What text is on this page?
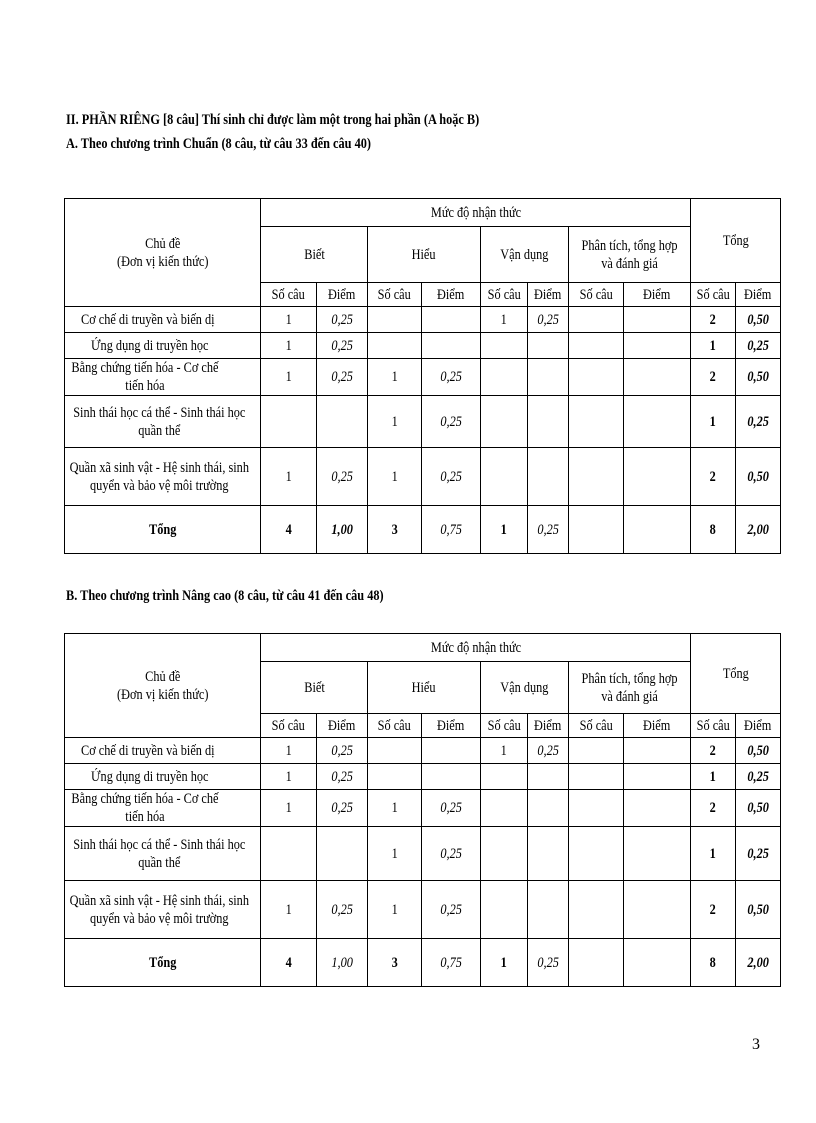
II. PHẦN RIÊNG [8 câu] Thí sinh chỉ được làm một trong hai phần (A hoặc B)
A. Theo chương trình Chuẩn (8 câu, từ câu 33 đến câu 40)
Chủ đề
(Đơn vị kiến thức)	Mức độ nhận thức								Tổng	
	Biết		Hiểu		Vận dụng		Phân tích, tổng hợp
và đánh giá			
	Số câu	Điểm	Số câu	Điểm	Số câu	Điểm	Số câu	Điểm	Số câu	Điểm
Cơ chế di truyền và biến dị	1	0,25			1	0,25			2	0,50
Ứng dụng di truyền học	1	0,25							1	0,25
Bằng chứng tiến hóa - Cơ chế tiến hóa	1	0,25	1	0,25					2	0,50
Sinh thái học cá thể - Sinh thái học quần thể			1	0,25					1	0,25
Quần xã sinh vật - Hệ sinh thái, sinh quyển và bảo vệ môi trường	1	0,25	1	0,25					2	0,50
Tổng	4	1,00	3	0,75	1	0,25			8	2,00
B. Theo chương trình Nâng cao (8 câu, từ câu 41 đến câu 48)
Chủ đề
(Đơn vị kiến thức)	Mức độ nhận thức								Tổng	
	Biết		Hiểu		Vận dụng		Phân tích, tổng hợp
và đánh giá			
	Số câu	Điểm	Số câu	Điểm	Số câu	Điểm	Số câu	Điểm	Số câu	Điểm
Cơ chế di truyền và biến dị	1	0,25			1	0,25			2	0,50
Ứng dụng di truyền học	1	0,25							1	0,25
Bằng chứng tiến hóa - Cơ chế tiến hóa	1	0,25	1	0,25					2	0,50
Sinh thái học cá thể - Sinh thái học quần thể			1	0,25					1	0,25
Quần xã sinh vật - Hệ sinh thái, sinh quyển và bảo vệ môi trường	1	0,25	1	0,25					2	0,50
Tổng	4	1,00	3	0,75	1	0,25			8	2,00
3
